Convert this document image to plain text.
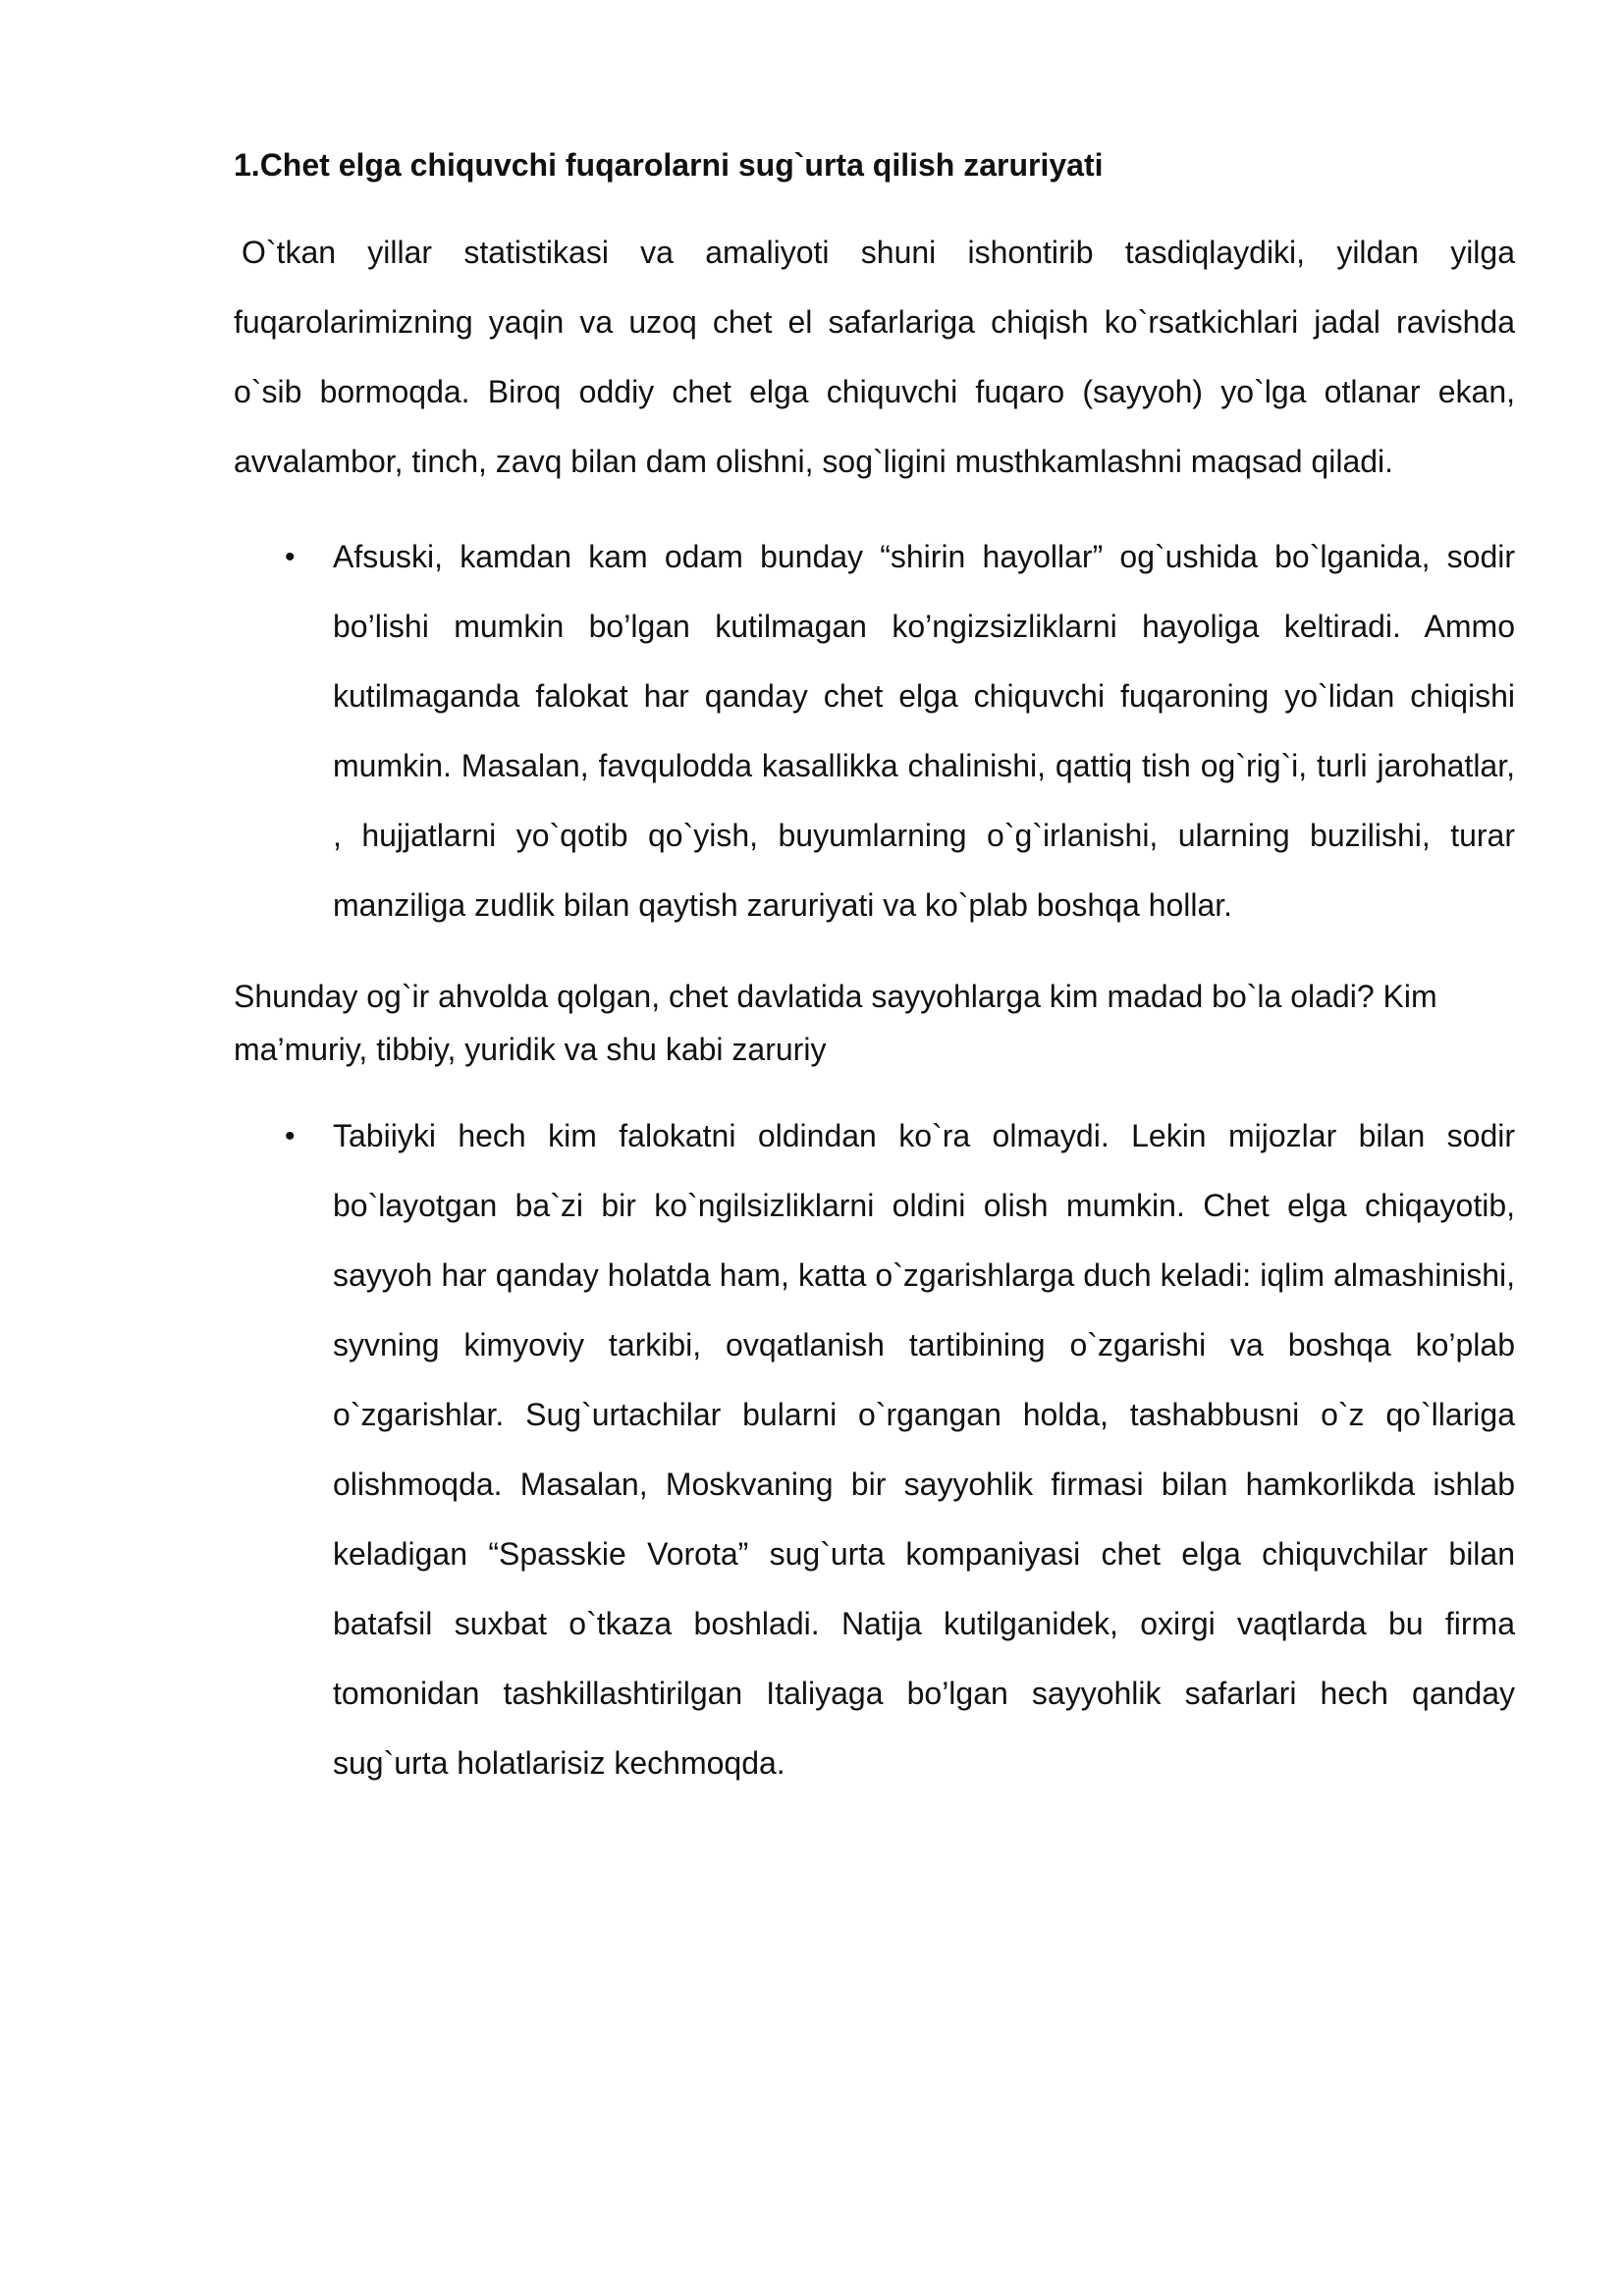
1.Chet elga chiquvchi fuqarolarni sug`urta qilish zaruriyati

O`tkan yillar statistikasi va amaliyoti shuni ishontirib tasdiqlaydiki, yildan yilga fuqarolarimizning yaqin va uzoq chet el safarlariga chiqish ko`rsatkichlari jadal ravishda o`sib bormoqda. Biroq oddiy chet elga chiquvchi fuqaro (sayyoh) yo`lga otlanar ekan, avvalambor, tinch, zavq bilan dam olishni, sog`ligini musthkamlashni maqsad qiladi.

• Afsuski, kamdan kam odam bunday “shirin hayollar” og`ushida bo`lganida, sodir bo’lishi mumkin bo’lgan kutilmagan ko’ngizsizliklarni hayoliga keltiradi. Ammo kutilmaganda falokat har qanday chet elga chiquvchi fuqaroning yo`lidan chiqishi mumkin. Masalan, favqulodda kasallikka chalinishi, qattiq tish og`rig`i, turli jarohatlar, , hujjatlarni yo`qotib qo`yish, buyumlarning o`g`irlanishi, ularning buzilishi, turar manziliga zudlik bilan qaytish zaruriyati va ko`plab boshqa hollar.

Shunday og`ir ahvolda qolgan, chet davlatida sayyohlarga kim madad bo`la oladi? Kim ma’muriy, tibbiy, yuridik va shu kabi zaruriy

• Tabiiyki hech kim falokatni oldindan ko`ra olmaydi. Lekin mijozlar bilan sodir bo`layotgan ba`zi bir ko`ngilsizliklarni oldini olish mumkin. Chet elga chiqayotib, sayyoh har qanday holatda ham, katta o`zgarishlarga duch keladi: iqlim almashinishi, syvning kimyoviy tarkibi, ovqatlanish tartibining o`zgarishi va boshqa ko’plab o`zgarishlar. Sug`urtachilar bularni o`rgangan holda, tashabbusni o`z qo`llariga olishmoqda. Masalan, Moskvaning bir sayyohlik firmasi bilan hamkorlikda ishlab keladigan “Spasskie Vorota” sug`urta kompaniyasi chet elga chiquvchilar bilan batafsil suxbat o`tkaza boshladi. Natija kutilganidek, oxirgi vaqtlarda bu firma tomonidan tashkillashtirilgan Italiyaga bo’lgan sayyohlik safarlari hech qanday sug`urta holatlarisiz kechmoqda.
